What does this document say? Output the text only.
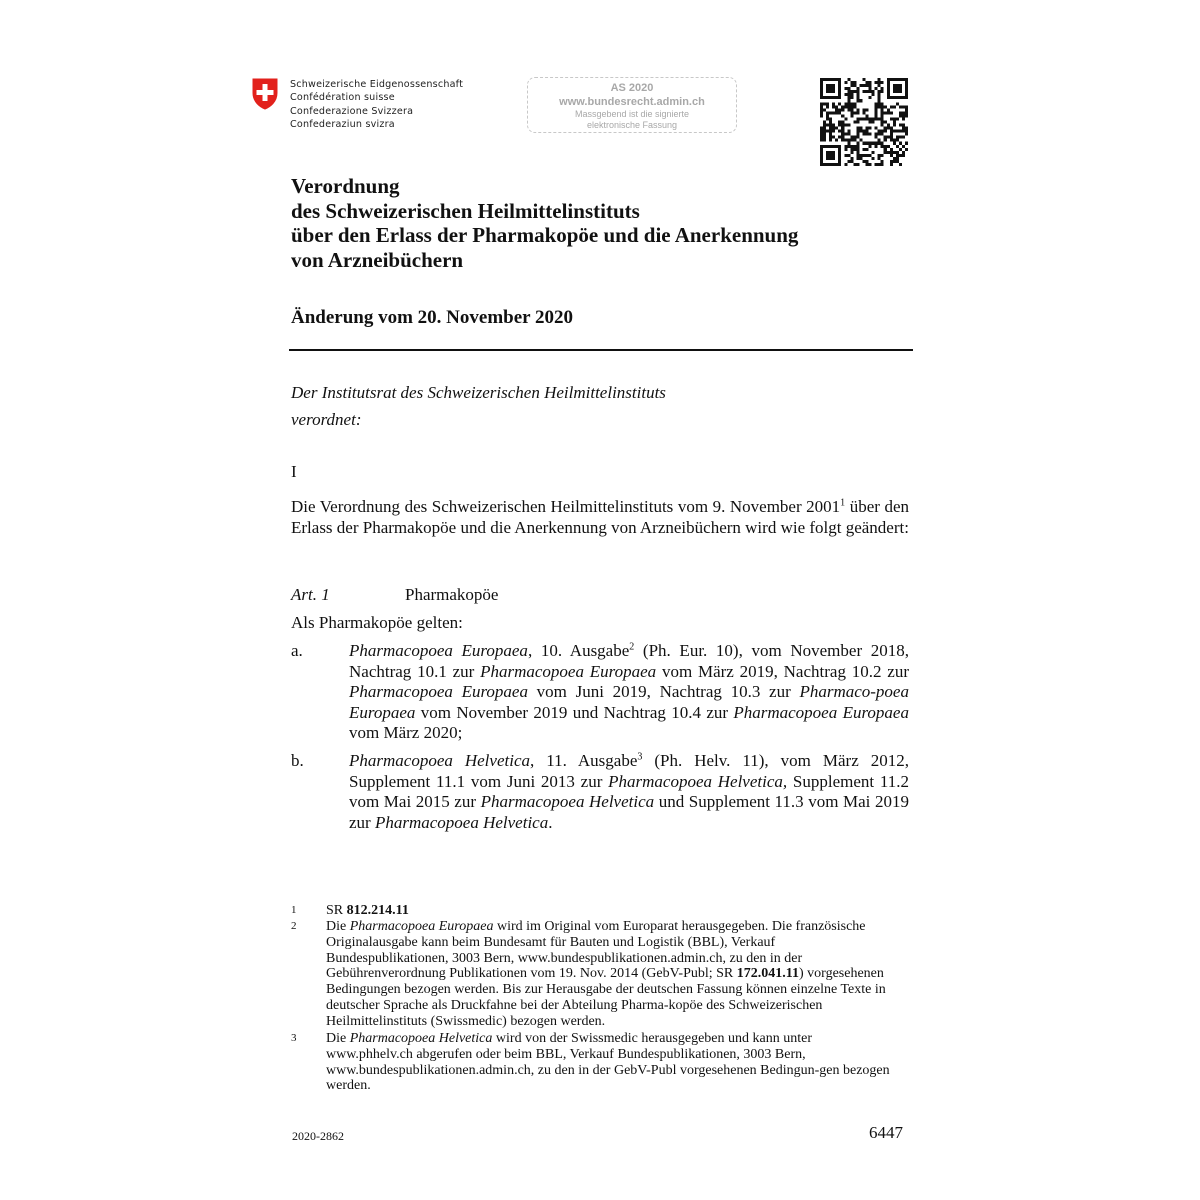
Schweizerische Eidgenossenschaft
Confédération suisse
Confederazione Svizzera
Confederaziun svizra
AS 2020
www.bundesrecht.admin.ch
Massgebend ist die signierte
elektronische Fassung
Verordnung
des Schweizerischen Heilmittelinstituts
über den Erlass der Pharmakopöe und die Anerkennung
von Arzneibüchern
Änderung vom 20. November 2020
Der Institutsrat des Schweizerischen Heilmittelinstituts
verordnet:
I
Die Verordnung des Schweizerischen Heilmittelinstituts vom 9. November 2001$^1$ über den Erlass der Pharmakopöe und die Anerkennung von Arzneibüchern wird wie folgt geändert:
Art. 1	Pharmakopöe
Als Pharmakopöe gelten:
a.	Pharmacopoea Europaea, 10. Ausgabe$^2$ (Ph. Eur. 10), vom November 2018, Nachtrag 10.1 zur Pharmacopoea Europaea vom März 2019, Nachtrag 10.2 zur Pharmacopoea Europaea vom Juni 2019, Nachtrag 10.3 zur Pharmaco-poea Europaea vom November 2019 und Nachtrag 10.4 zur Pharmacopoea Europaea vom März 2020;
b.	Pharmacopoea Helvetica, 11. Ausgabe$^3$ (Ph. Helv. 11), vom März 2012, Supplement 11.1 vom Juni 2013 zur Pharmacopoea Helvetica, Supplement 11.2 vom Mai 2015 zur Pharmacopoea Helvetica und Supplement 11.3 vom Mai 2019 zur Pharmacopoea Helvetica.
1 SR 812.214.11
2 Die Pharmacopoea Europaea wird im Original vom Europarat herausgegeben. Die französische Originalausgabe kann beim Bundesamt für Bauten und Logistik (BBL), Verkauf Bundespublikationen, 3003 Bern, www.bundespublikationen.admin.ch, zu den in der Gebührenverordnung Publikationen vom 19. Nov. 2014 (GebV-Publ; SR 172.041.11) vorgesehenen Bedingungen bezogen werden. Bis zur Herausgabe der deutschen Fassung können einzelne Texte in deutscher Sprache als Druckfahne bei der Abteilung Pharma-kopöe des Schweizerischen Heilmittelinstituts (Swissmedic) bezogen werden.
3 Die Pharmacopoea Helvetica wird von der Swissmedic herausgegeben und kann unter www.phhelv.ch abgerufen oder beim BBL, Verkauf Bundespublikationen, 3003 Bern, www.bundespublikationen.admin.ch, zu den in der GebV-Publ vorgesehenen Bedingun-gen bezogen werden.
2020-2862	6447
